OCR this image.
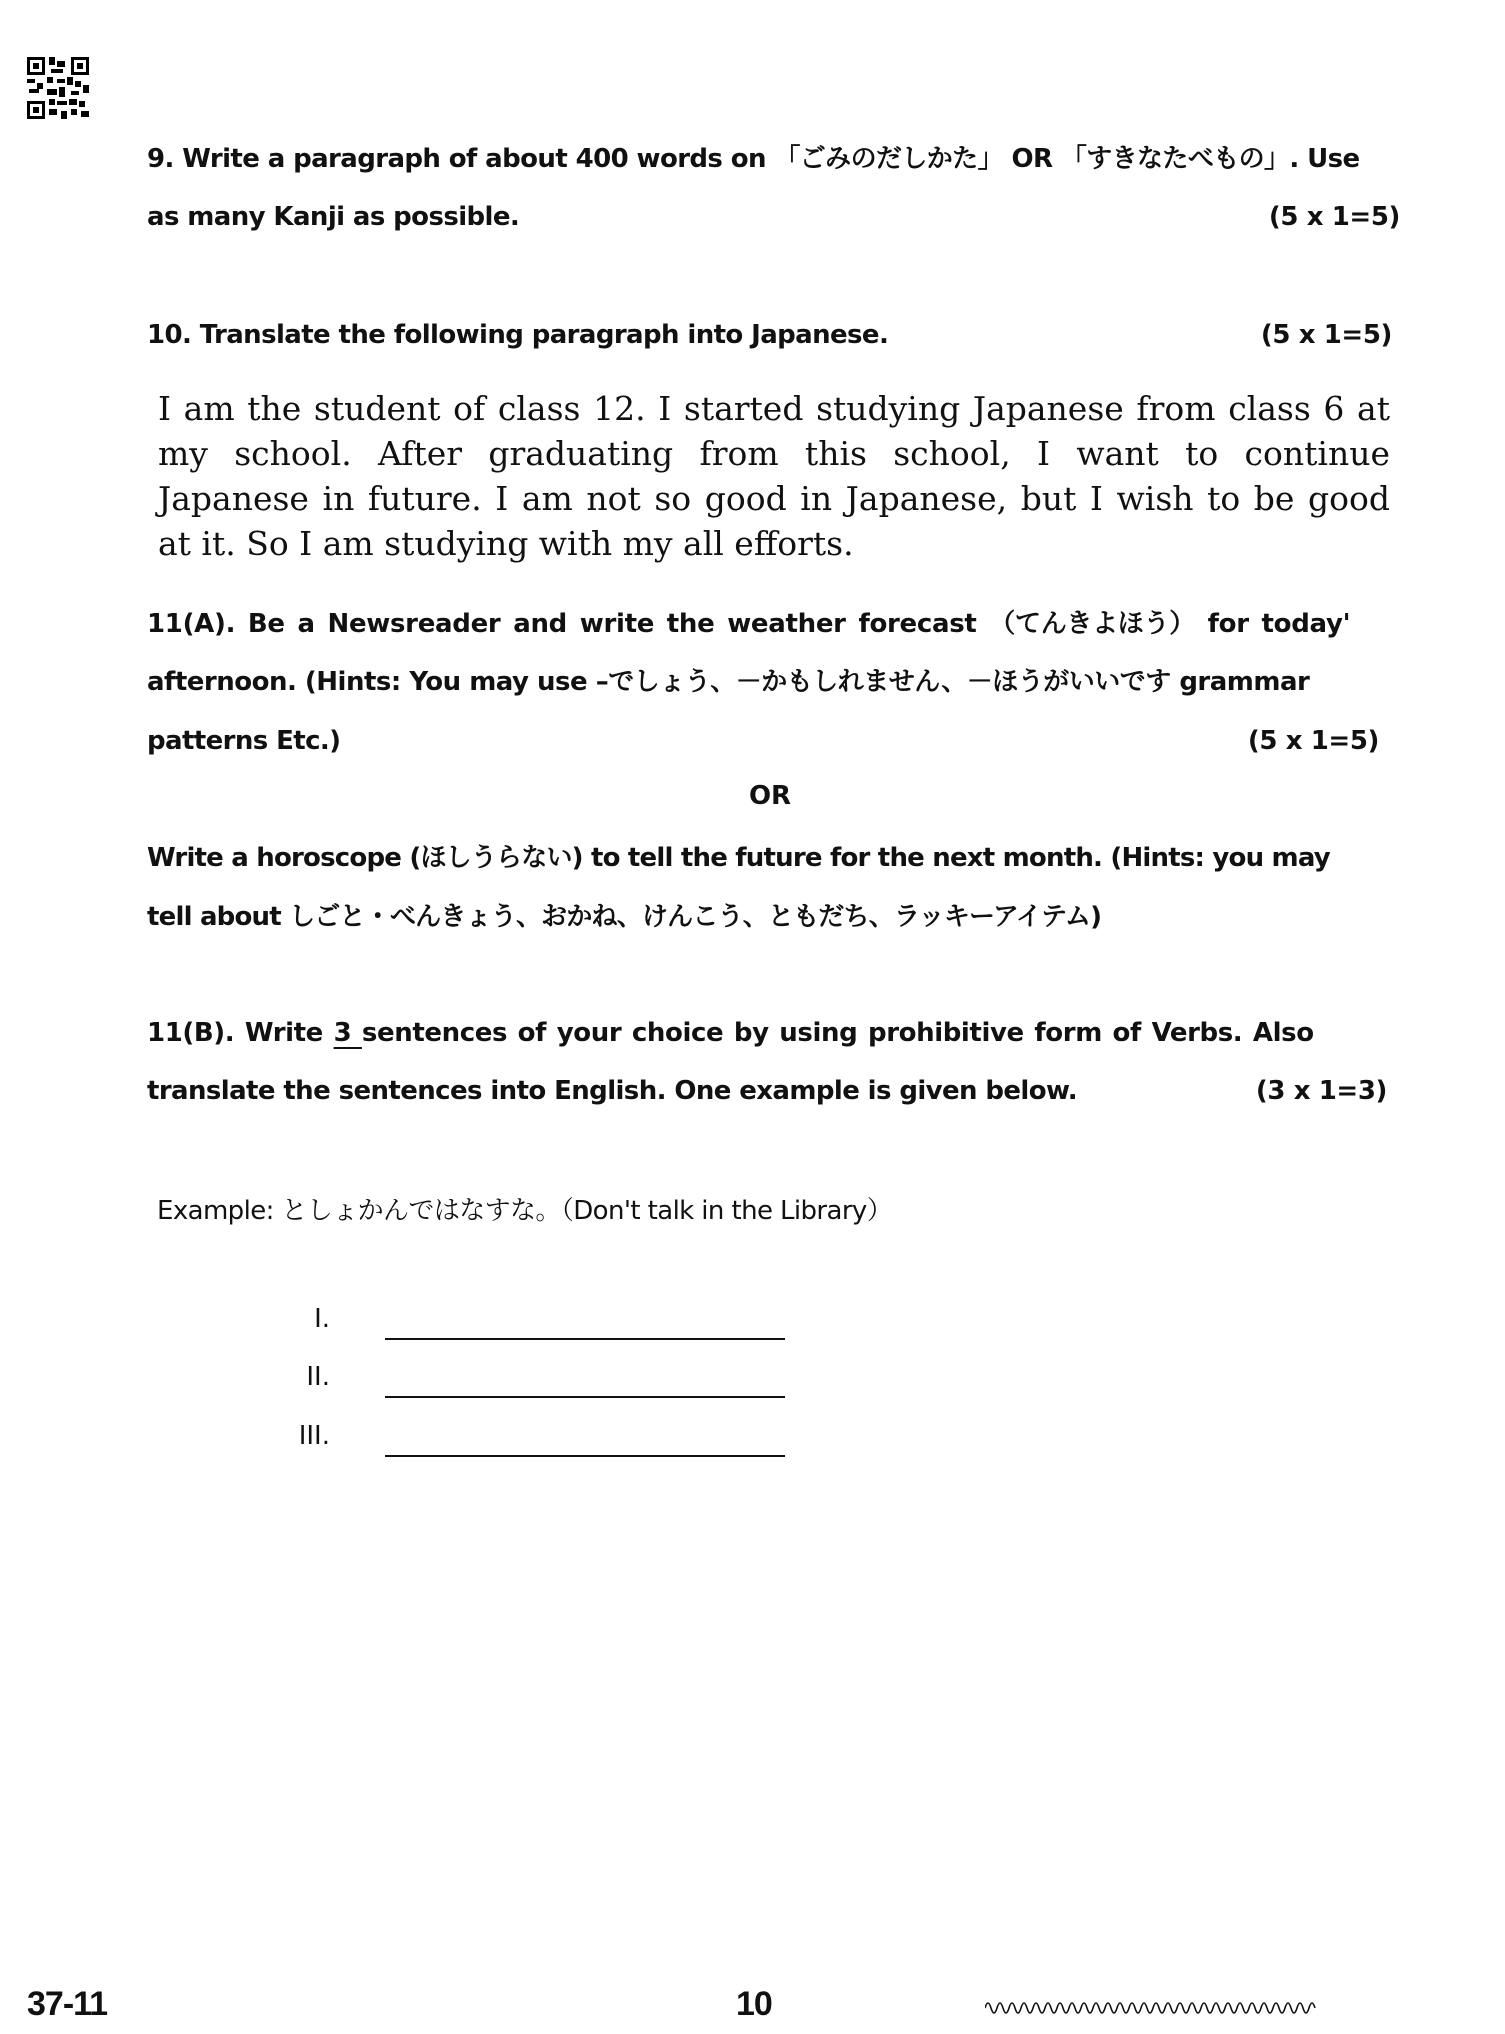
9. Write a paragraph of about 400 words on 「ごみのだしかた」 OR 「すきなたべもの」. Use
as many Kanji as possible.	(5 x 1=5)
10. Translate the following paragraph into Japanese.	(5 x 1=5)
I am the student of class 12. I started studying Japanese from class 6 at
my school. After graduating from this school, I want to continue
Japanese in future. I am not so good in Japanese, but I wish to be good
at it. So I am studying with my all efforts.
11(A). Be a Newsreader and write the weather forecast （てんきよほう） for today'
afternoon. (Hints: You may use –でしょう、－かもしれません、－ほうがいいです grammar
patterns Etc.)	(5 x 1=5)
OR
Write a horoscope (ほしうらない) to tell the future for the next month. (Hints: you may
tell about しごと・べんきょう、おかね、けんこう、ともだち、ラッキーアイテム)
11(B). Write 3 sentences of your choice by using prohibitive form of Verbs. Also
translate the sentences into English. One example is given below.	(3 x 1=3)
Example: としょかんではなすな。（Don't talk in the Library）
I.
II.
III.
37-11	10
